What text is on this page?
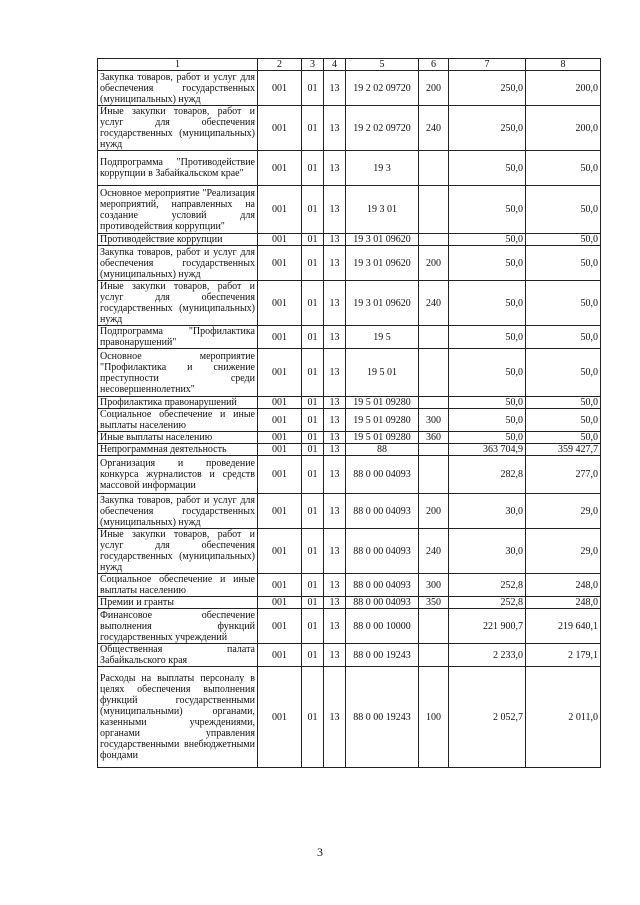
1	2	3	4	5	6	7	8
Закупка товаров, работ и услуг для обеспечения государственных (муниципальных) нужд	001	01	13	19 2 02 09720	200	250,0	200,0
Иные закупки товаров, работ и услуг для обеспечения государственных (муниципальных) нужд	001	01	13	19 2 02 09720	240	250,0	200,0
Подпрограмма "Противодействие коррупции в Забайкальском крае"	001	01	13	19 3		50,0	50,0
Основное мероприятие "Реализация мероприятий, направленных на создание условий для противодействия коррупции"	001	01	13	19 3 01		50,0	50,0
Противодействие коррупции	001	01	13	19 3 01 09620		50,0	50,0
Закупка товаров, работ и услуг для обеспечения государственных (муниципальных) нужд	001	01	13	19 3 01 09620	200	50,0	50,0
Иные закупки товаров, работ и услуг для обеспечения государственных (муниципальных) нужд	001	01	13	19 3 01 09620	240	50,0	50,0
Подпрограмма "Профилактика правонарушений"	001	01	13	19 5		50,0	50,0
Основное мероприятие "Профилактика и снижение преступности среди несовершеннолетних"	001	01	13	19 5 01		50,0	50,0
Профилактика правонарушений	001	01	13	19 5 01 09280		50,0	50,0
Социальное обеспечение и иные выплаты населению	001	01	13	19 5 01 09280	300	50,0	50,0
Иные выплаты населению	001	01	13	19 5 01 09280	360	50,0	50,0
Непрограммная деятельность	001	01	13	88		363 704,9	359 427,7
Организация и проведение конкурса журналистов и средств массовой информации	001	01	13	88 0 00 04093		282,8	277,0
Закупка товаров, работ и услуг для обеспечения государственных (муниципальных) нужд	001	01	13	88 0 00 04093	200	30,0	29,0
Иные закупки товаров, работ и услуг для обеспечения государственных (муниципальных) нужд	001	01	13	88 0 00 04093	240	30,0	29,0
Социальное обеспечение и иные выплаты населению	001	01	13	88 0 00 04093	300	252,8	248,0
Премии и гранты	001	01	13	88 0 00 04093	350	252,8	248,0
Финансовое обеспечение выполнения функций государственных учреждений	001	01	13	88 0 00 10000		221 900,7	219 640,1
Общественная палата Забайкальского края	001	01	13	88 0 00 19243		2 233,0	2 179,1
Расходы на выплаты персоналу в целях обеспечения выполнения функций государственными (муниципальными) органами, казенными учреждениями, органами управления государственными внебюджетными фондами	001	01	13	88 0 00 19243	100	2 052,7	2 011,0
3
